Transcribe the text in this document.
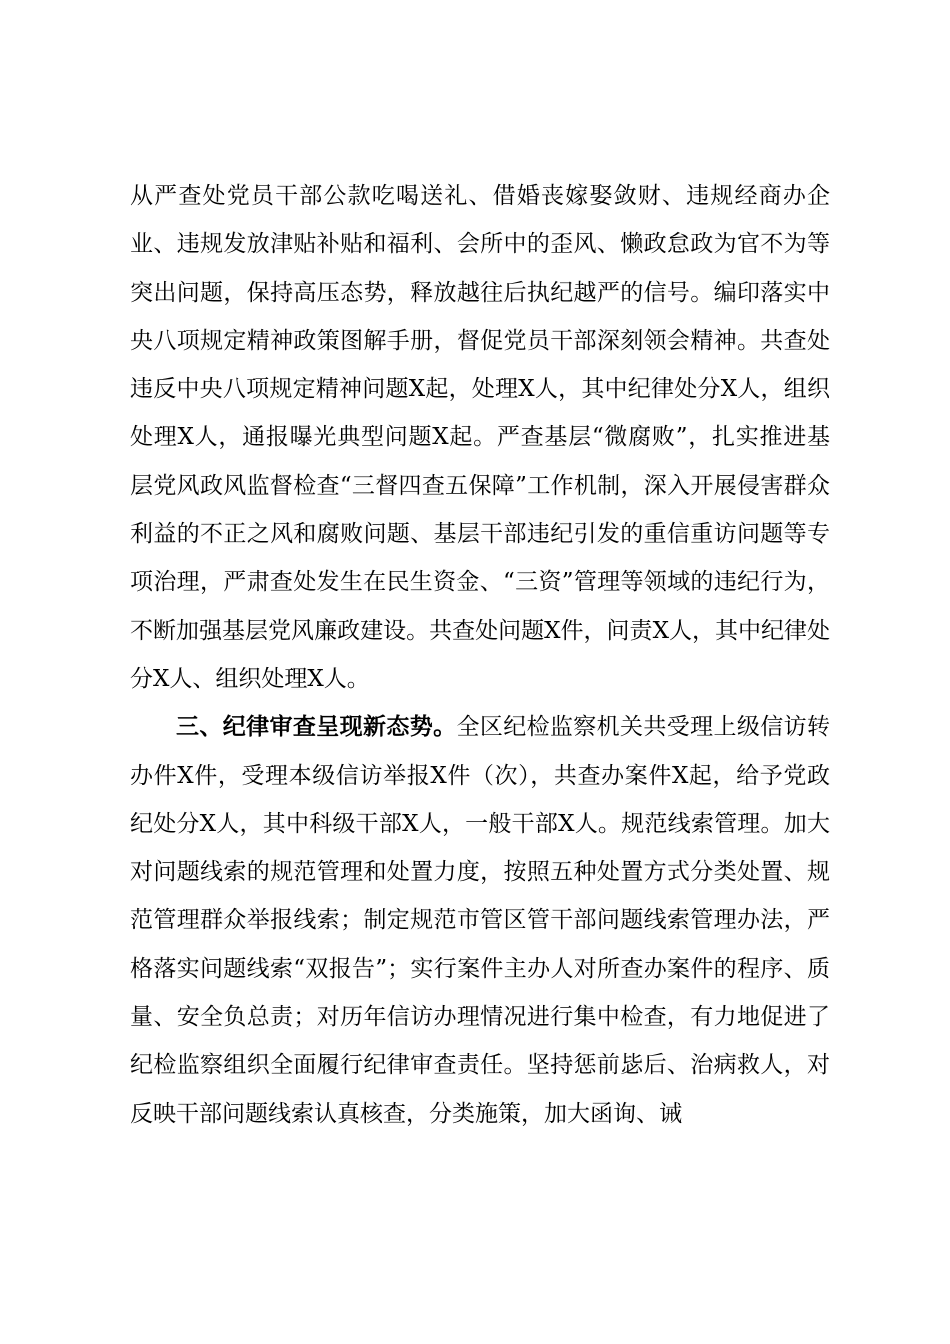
从严查处党员干部公款吃喝送礼、借婚丧嫁娶敛财、违规经商办企业、违规发放津贴补贴和福利、会所中的歪风、懒政怠政为官不为等突出问题，保持高压态势，释放越往后执纪越严的信号。编印落实中央八项规定精神政策图解手册，督促党员干部深刻领会精神。共查处违反中央八项规定精神问题X起，处理X人，其中纪律处分X人，组织处理X人，通报曝光典型问题X起。严查基层“微腐败”，扎实推进基层党风政风监督检查“三督四查五保障”工作机制，深入开展侵害群众利益的不正之风和腐败问题、基层干部违纪引发的重信重访问题等专项治理，严肃查处发生在民生资金、“三资”管理等领域的违纪行为，不断加强基层党风廉政建设。共查处问题X件，问责X人，其中纪律处分X人、组织处理X人。

三、纪律审查呈现新态势。全区纪检监察机关共受理上级信访转办件X件，受理本级信访举报X件（次），共查办案件X起，给予党政纪处分X人，其中科级干部X人，一般干部X人。规范线索管理。加大对问题线索的规范管理和处置力度，按照五种处置方式分类处置、规范管理群众举报线索；制定规范市管区管干部问题线索管理办法，严格落实问题线索“双报告”；实行案件主办人对所查办案件的程序、质量、安全负总责；对历年信访办理情况进行集中检查，有力地促进了纪检监察组织全面履行纪律审查责任。坚持惩前毖后、治病救人，对反映干部问题线索认真核查，分类施策，加大函询、诫
